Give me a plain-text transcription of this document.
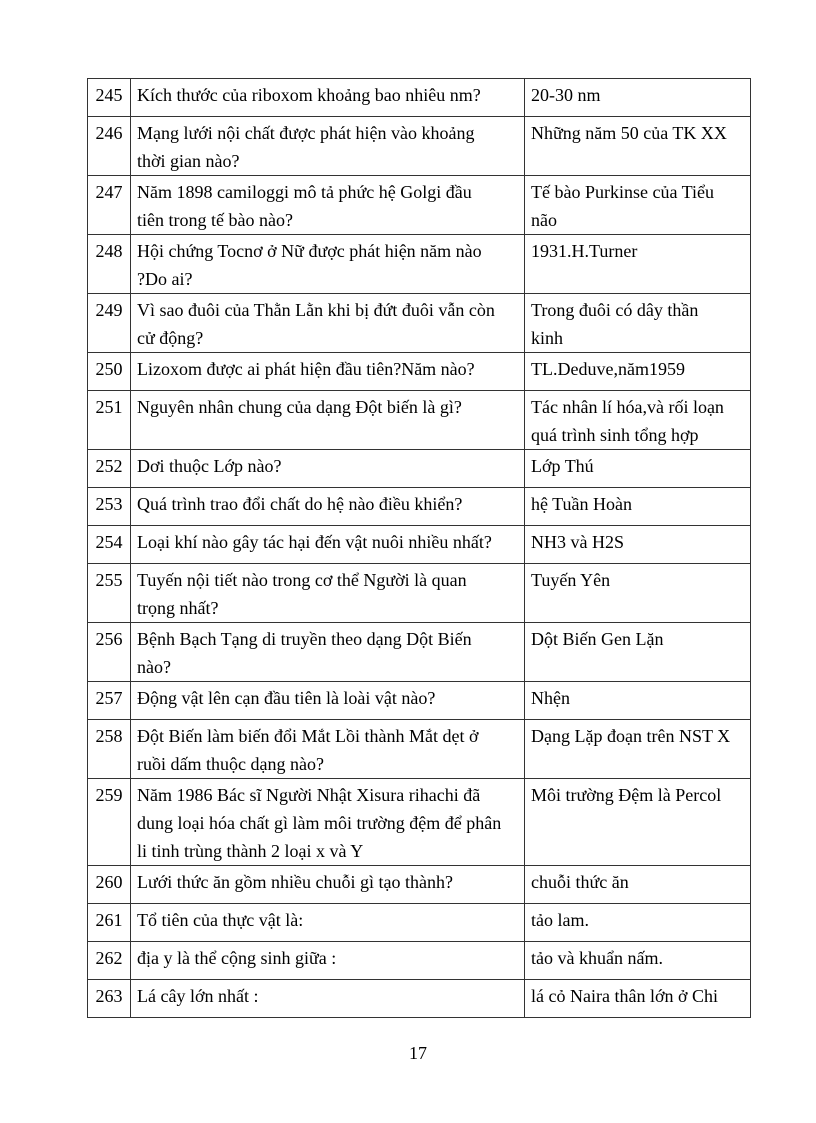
245	Kích thước của riboxom khoảng bao nhiêu nm?	20-30 nm
246	Mạng lưới nội chất được phát hiện vào khoảng
thời gian nào?	Những năm 50 của TK XX
247	Năm 1898 camiloggi mô tả phức hệ Golgi đầu
tiên trong tế bào nào?	Tế bào Purkinse của Tiểu
não
248	Hội chứng Tocnơ ở Nữ được phát hiện năm nào
?Do ai?	1931.H.Turner
249	Vì sao đuôi của Thằn Lằn khi bị đứt đuôi vẫn còn
cử động?	Trong đuôi có dây thần
kinh
250	Lizoxom được ai phát hiện đầu tiên?Năm nào?	TL.Deduve,năm1959
251	Nguyên nhân chung của dạng Đột biến là gì?	Tác nhân lí hóa,và rối loạn
quá trình sinh tổng hợp
252	Dơi thuộc Lớp nào?	Lớp Thú
253	Quá trình trao đổi chất do hệ nào điều khiển?	hệ Tuần Hoàn
254	Loại khí nào gây tác hại đến vật nuôi nhiều nhất?	NH3 và H2S
255	Tuyến nội tiết nào trong cơ thể Người là quan
trọng nhất?	Tuyến Yên
256	Bệnh Bạch Tạng di truyền theo dạng Dột Biến
nào?	Dột Biến Gen Lặn
257	Động vật lên cạn đầu tiên là loài vật nào?	Nhện
258	Đột Biến làm biến đổi Mắt Lồi thành Mắt dẹt ở
ruồi dấm thuộc dạng nào?	Dạng Lặp đoạn trên NST X
259	Năm 1986 Bác sĩ Người Nhật Xisura rihachi đã
dung loại hóa chất gì làm môi trường đệm để phân
li tinh trùng thành 2 loại x và Y	Môi trường Đệm là Percol
260	Lưới thức ăn gồm nhiều chuỗi gì tạo thành?	chuỗi thức ăn
261	Tổ tiên của thực vật là:	tảo lam.
262	địa y là thể cộng sinh giữa :	tảo và khuẩn nấm.
263	Lá cây lớn nhất :	lá cỏ Naira thân lớn ở Chi
17
